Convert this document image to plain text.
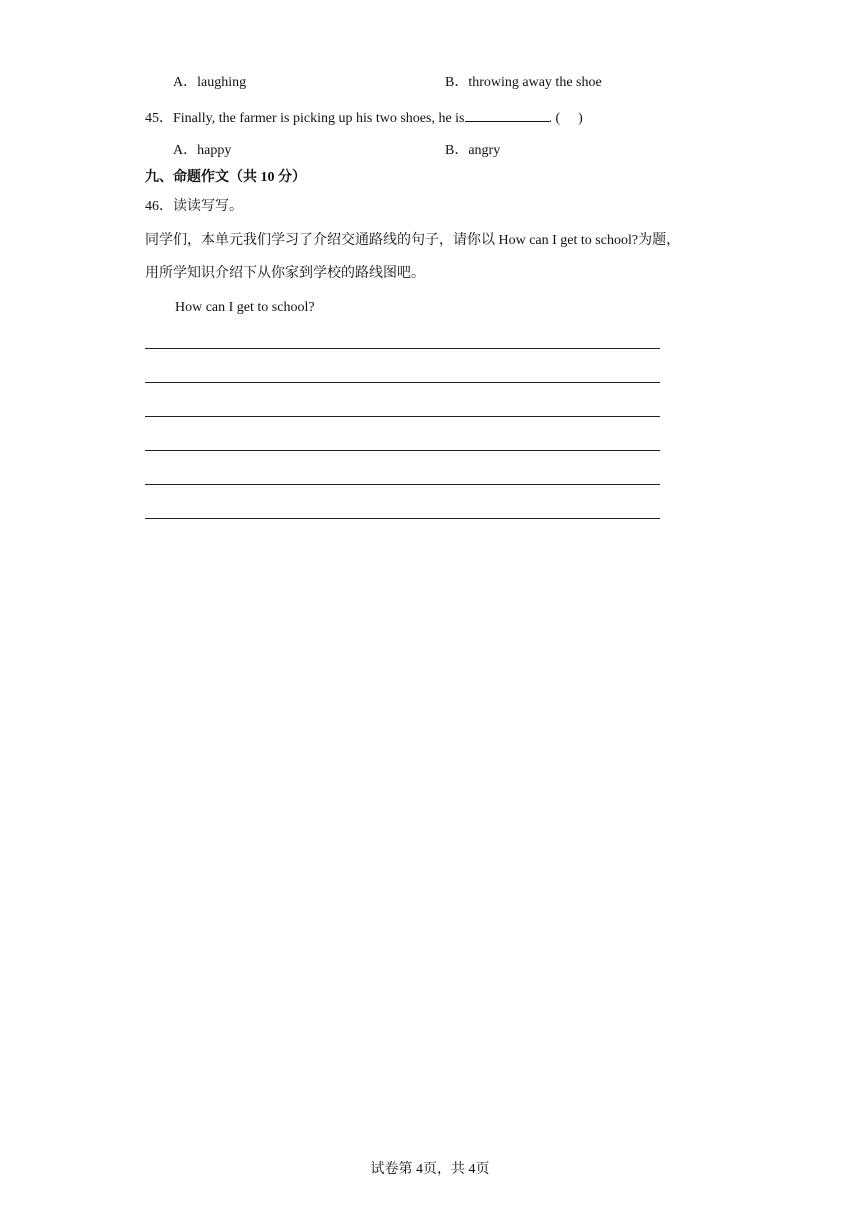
A．laughing	B．throwing away the shoe
45．Finally, the farmer is picking up his two shoes, he is	. ( )
A．happy	B．angry
九、命题作文（共 10 分）
46．读读写写。
同学们，本单元我们学习了介绍交通路线的句子，请你以 How can I get to school?为题，
用所学知识介绍下从你家到学校的路线图吧。
How can I get to school?
试卷第 4页，共 4页
